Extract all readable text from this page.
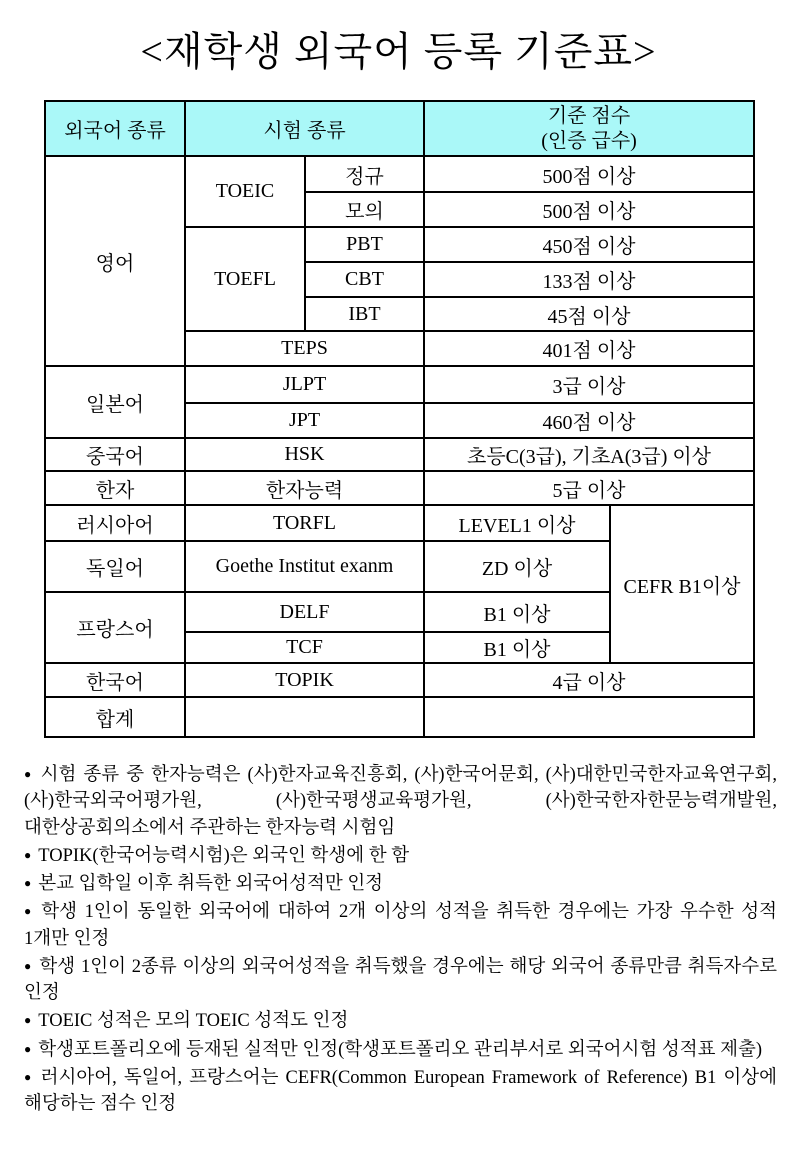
<재학생 외국어 등록 기준표>
외국어 종류	시험 종류		기준 점수
(인증 급수)	

영어	TOEIC	정규	500점 이상	
		모의	500점 이상	
	TOEFL	PBT	450점 이상	
		CBT	133점 이상	
		IBT	45점 이상	
	TEPS		401점 이상	
일본어	JLPT		3급 이상	
	JPT		460점 이상	
중국어	HSK		초등C(3급), 기초A(3급) 이상	
한자	한자능력		5급 이상	
러시아어	TORFL		LEVEL1 이상	CEFR B1이상
독일어	Goethe Institut exanm		ZD 이상	
프랑스어	DELF		B1 이상	
	TCF		B1 이상	
한국어	TOPIK		4급 이상	
합계				

● 시험 종류 중 한자능력은 (사)한자교육진흥회, (사)한국어문회, (사)대한민국한자교육연구회, (사)한국외국어평가원, (사)한국평생교육평가원, (사)한국한자한문능력개발원, 대한상공회의소에서 주관하는 한자능력 시험임

● TOPIK(한국어능력시험)은 외국인 학생에 한 함

● 본교 입학일 이후 취득한 외국어성적만 인정

● 학생 1인이 동일한 외국어에 대하여 2개 이상의 성적을 취득한 경우에는 가장 우수한 성적 1개만 인정

● 학생 1인이 2종류 이상의 외국어성적을 취득했을 경우에는 해당 외국어 종류만큼 취득자수로 인정

● TOEIC 성적은 모의 TOEIC 성적도 인정

● 학생포트폴리오에 등재된 실적만 인정(학생포트폴리오 관리부서로 외국어시험 성적표 제출)

● 러시아어, 독일어, 프랑스어는 CEFR(Common European Framework of Reference) B1 이상에 해당하는 점수 인정
